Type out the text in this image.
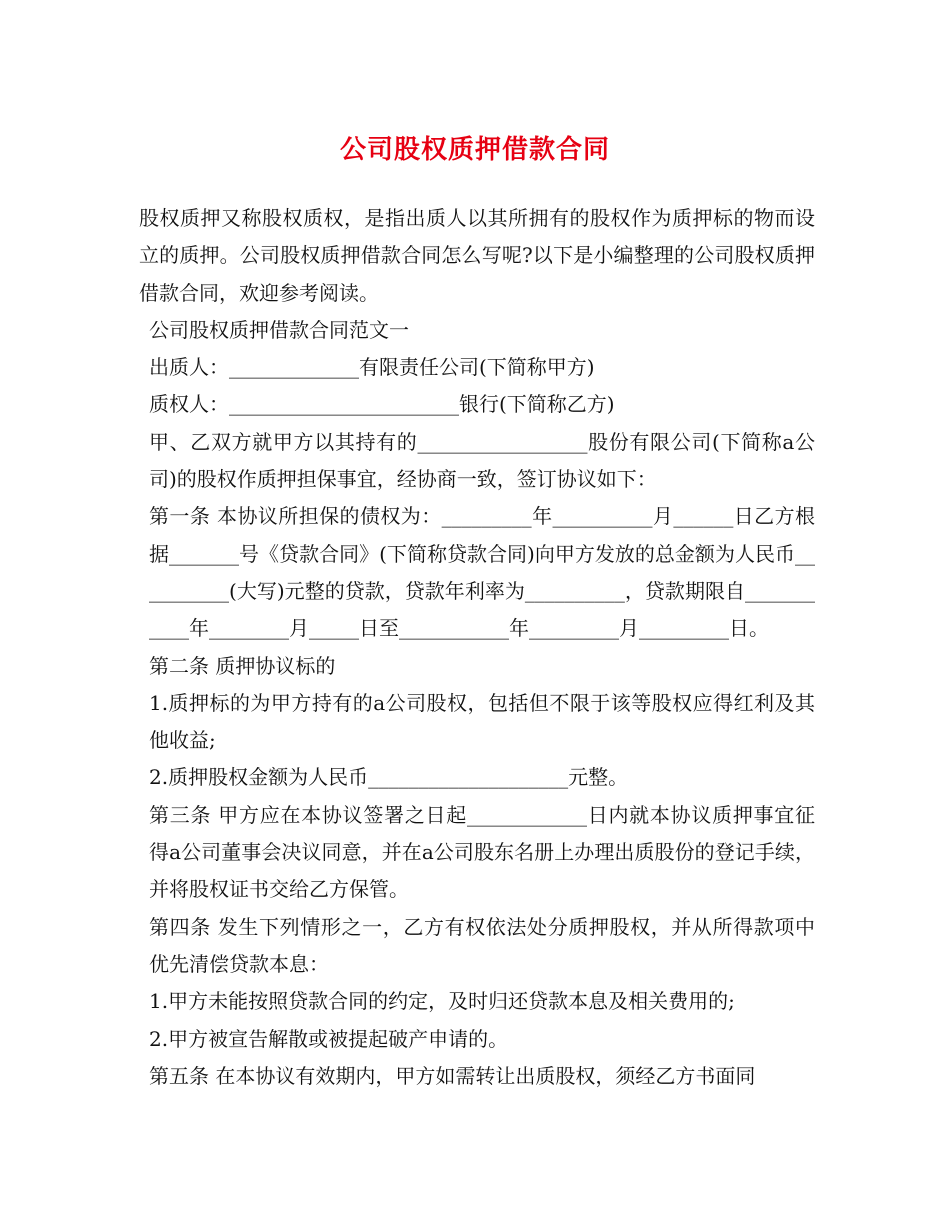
公司股权质押借款合同

股权质押又称股权质权，是指出质人以其所拥有的股权作为质押标的物而设立的质押。公司股权质押借款合同怎么写呢?以下是小编整理的公司股权质押借款合同，欢迎参考阅读。

公司股权质押借款合同范文一

出质人：_____________有限责任公司(下简称甲方)

质权人：_______________________银行(下简称乙方)

甲、乙双方就甲方以其持有的_________________股份有限公司(下简称a公司)的股权作质押担保事宜，经协商一致，签订协议如下：

第一条 本协议所担保的债权为：_________年__________月______日乙方根据_______号《贷款合同》(下简称贷款合同)向甲方发放的总金额为人民币__________(大写)元整的贷款，贷款年利率为__________，贷款期限自___________年________月_____日至___________年_________月_________日。

第二条 质押协议标的

1.质押标的为甲方持有的a公司股权，包括但不限于该等股权应得红利及其他收益;

2.质押股权金额为人民币____________________元整。

第三条 甲方应在本协议签署之日起____________日内就本协议质押事宜征得a公司董事会决议同意，并在a公司股东名册上办理出质股份的登记手续，并将股权证书交给乙方保管。

第四条 发生下列情形之一，乙方有权依法处分质押股权，并从所得款项中优先清偿贷款本息：

1.甲方未能按照贷款合同的约定，及时归还贷款本息及相关费用的;

2.甲方被宣告解散或被提起破产申请的。

第五条 在本协议有效期内，甲方如需转让出质股权，须经乙方书面同
